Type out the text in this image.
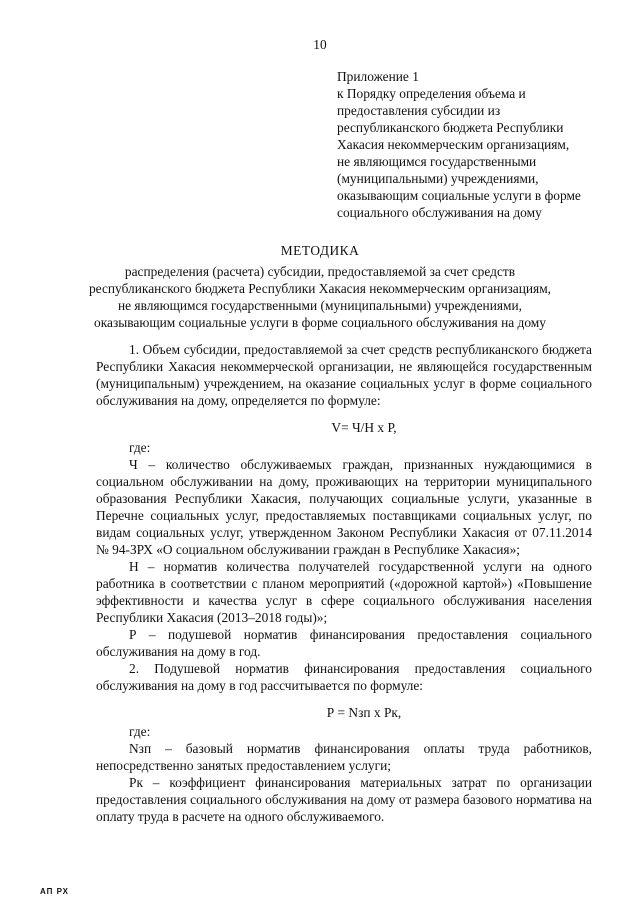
10
Приложение 1
к Порядку определения объема и
предоставления субсидии из
республиканского бюджета Республики
Хакасия некоммерческим организациям,
не являющимся государственными
(муниципальными) учреждениями,
оказывающим социальные услуги в форме
социального обслуживания на дому
МЕТОДИКА
распределения (расчета) субсидии, предоставляемой за счет средств
республиканского бюджета Республики Хакасия некоммерческим организациям,
не являющимся государственными (муниципальными) учреждениями,
оказывающим социальные услуги в форме социального обслуживания на дому

1. Объем субсидии, предоставляемой за счет средств республиканского бюджета Республики Хакасия некоммерческой организации, не являющейся государственным (муниципальным) учреждением, на оказание социальных услуг в форме социального обслуживания на дому, определяется по формуле:

V= Ч/Н х Р,

где:

Ч – количество обслуживаемых граждан, признанных нуждающимися в социальном обслуживании на дому, проживающих на территории муниципального образования Республики Хакасия, получающих социальные услуги, указанные в Перечне социальных услуг, предоставляемых поставщиками социальных услуг, по видам социальных услуг, утвержденном Законом Республики Хакасия от 07.11.2014 № 94-ЗРХ «О социальном обслуживании граждан в Республике Хакасия»;

Н – норматив количества получателей государственной услуги на одного работника в соответствии с планом мероприятий («дорожной картой») «Повышение эффективности и качества услуг в сфере социального обслуживания населения Республики Хакасия (2013–2018 годы)»;

Р – подушевой норматив финансирования предоставления социального обслуживания на дому в год.

2. Подушевой норматив финансирования предоставления социального обслуживания на дому в год рассчитывается по формуле:

Р = Nзп х Рк,

где:

Nзп – базовый норматив финансирования оплаты труда работников, непосредственно занятых предоставлением услуги;

Рк – коэффициент финансирования материальных затрат по организации предоставления социального обслуживания на дому от размера базового норматива на оплату труда в расчете на одного обслуживаемого.

АП РХ
